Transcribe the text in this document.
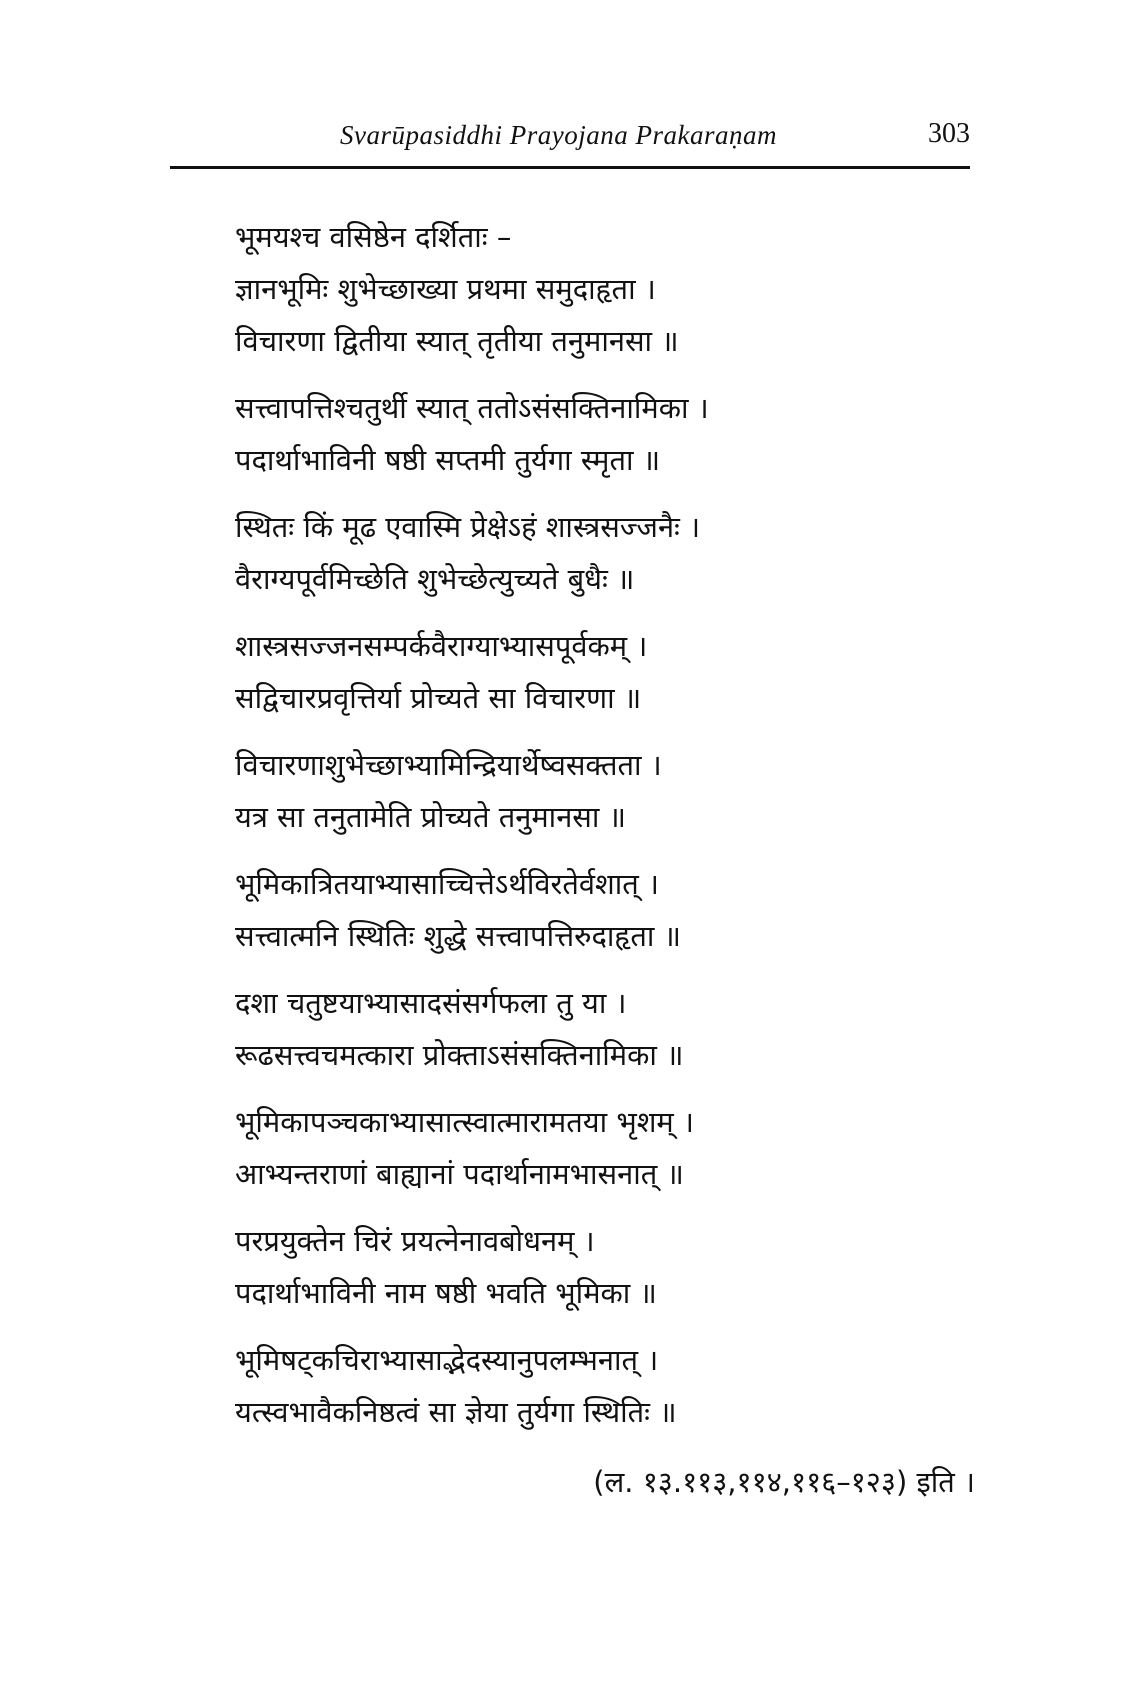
Svarūpasiddhi Prayojana Prakaraṇam	303
भूमयश्च वसिष्ठेन दर्शिताः –
ज्ञानभूमिः शुभेच्छाख्या प्रथमा समुदाहृता ।
विचारणा द्वितीया स्यात् तृतीया तनुमानसा ॥
सत्त्वापत्तिश्चतुर्थी स्यात् ततोऽसंसक्तिनामिका ।
पदार्थाभाविनी षष्ठी सप्तमी तुर्यगा स्मृता ॥
स्थितः किं मूढ एवास्मि प्रेक्षेऽहं शास्त्रसज्जनैः ।
वैराग्यपूर्वमिच्छेति शुभेच्छेत्युच्यते बुधैः ॥
शास्त्रसज्जनसम्पर्कवैराग्याभ्यासपूर्वकम् ।
सद्विचारप्रवृत्तिर्या प्रोच्यते सा विचारणा ॥
विचारणाशुभेच्छाभ्यामिन्द्रियार्थेष्वसक्तता ।
यत्र सा तनुतामेति प्रोच्यते तनुमानसा ॥
भूमिकात्रितयाभ्यासाच्चित्तेऽर्थविरतेर्वशात् ।
सत्त्वात्मनि स्थितिः शुद्धे सत्त्वापत्तिरुदाहृता ॥
दशा चतुष्टयाभ्यासादसंसर्गफला तु या ।
रूढसत्त्वचमत्कारा प्रोक्ताऽसंसक्तिनामिका ॥
भूमिकापञ्चकाभ्यासात्स्वात्मारामतया भृशम् ।
आभ्यन्तराणां बाह्यानां पदार्थानामभासनात् ॥
परप्रयुक्तेन चिरं प्रयत्नेनावबोधनम् ।
पदार्थाभाविनी नाम षष्ठी भवति भूमिका ॥
भूमिषट्कचिराभ्यासाद्भेदस्यानुपलम्भनात् ।
यत्स्वभावैकनिष्ठत्वं सा ज्ञेया तुर्यगा स्थितिः ॥
(ल. १३.११३,११४,११६–१२३) इति ।
